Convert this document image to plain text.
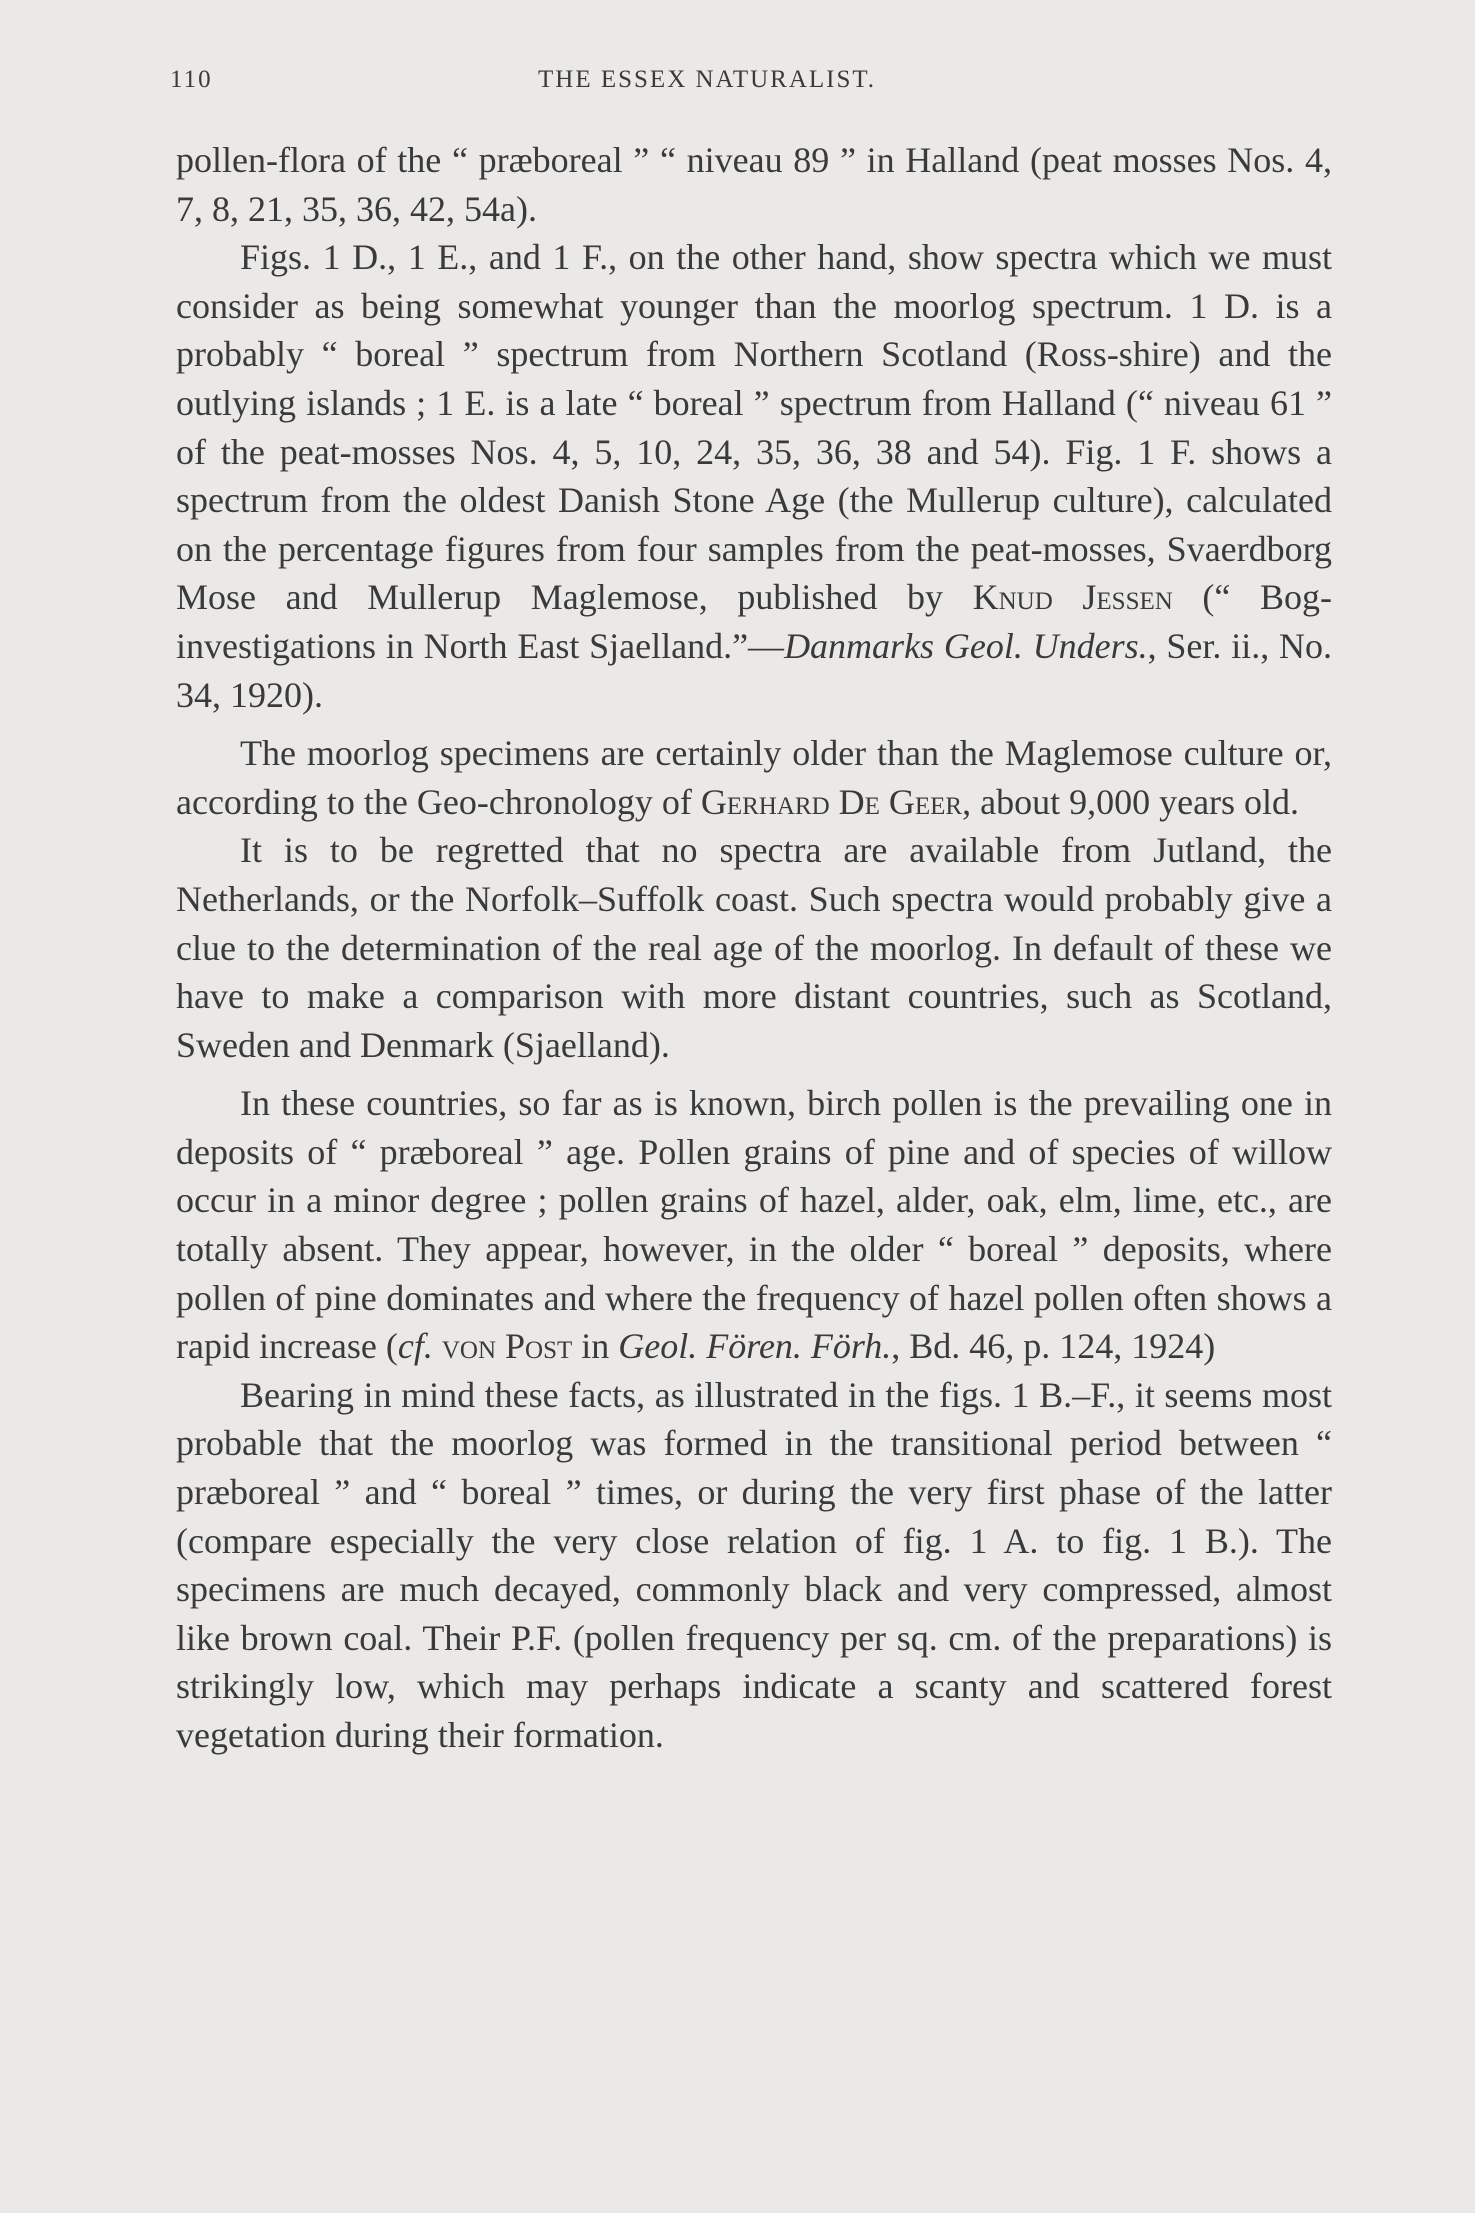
110	THE ESSEX NATURALIST.

pollen-flora of the “ præboreal ” “ niveau 89 ” in Halland (peat mosses Nos. 4, 7, 8, 21, 35, 36, 42, 54a).

Figs. 1 D., 1 E., and 1 F., on the other hand, show spectra which we must consider as being somewhat younger than the moorlog spectrum. 1 D. is a probably “ boreal ” spectrum from Northern Scotland (Ross-shire) and the outlying islands ; 1 E. is a late “ boreal ” spectrum from Halland (“ niveau 61 ” of the peat-mosses Nos. 4, 5, 10, 24, 35, 36, 38 and 54). Fig. 1 F. shows a spectrum from the oldest Danish Stone Age (the Mullerup culture), calculated on the percentage figures from four samples from the peat-mosses, Svaerdborg Mose and Mullerup Maglemose, published by Knud Jessen (“ Bog-investigations in North East Sjaelland.”—Danmarks Geol. Unders., Ser. ii., No. 34, 1920).

The moorlog specimens are certainly older than the Maglemose culture or, according to the Geo-chronology of Gerhard De Geer, about 9,000 years old.

It is to be regretted that no spectra are available from Jutland, the Netherlands, or the Norfolk–Suffolk coast. Such spectra would probably give a clue to the determination of the real age of the moorlog. In default of these we have to make a comparison with more distant countries, such as Scotland, Sweden and Denmark (Sjaelland).

In these countries, so far as is known, birch pollen is the prevailing one in deposits of “ præboreal ” age. Pollen grains of pine and of species of willow occur in a minor degree ; pollen grains of hazel, alder, oak, elm, lime, etc., are totally absent. They appear, however, in the older “ boreal ” deposits, where pollen of pine dominates and where the frequency of hazel pollen often shows a rapid increase (cf. von Post in Geol. Fören. Förh., Bd. 46, p. 124, 1924)

Bearing in mind these facts, as illustrated in the figs. 1 B.–F., it seems most probable that the moorlog was formed in the transitional period between “ præboreal ” and “ boreal ” times, or during the very first phase of the latter (compare especially the very close relation of fig. 1 A. to fig. 1 B.). The specimens are much decayed, commonly black and very compressed, almost like brown coal. Their P.F. (pollen frequency per sq. cm. of the preparations) is strikingly low, which may perhaps indicate a scanty and scattered forest vegetation during their formation.
